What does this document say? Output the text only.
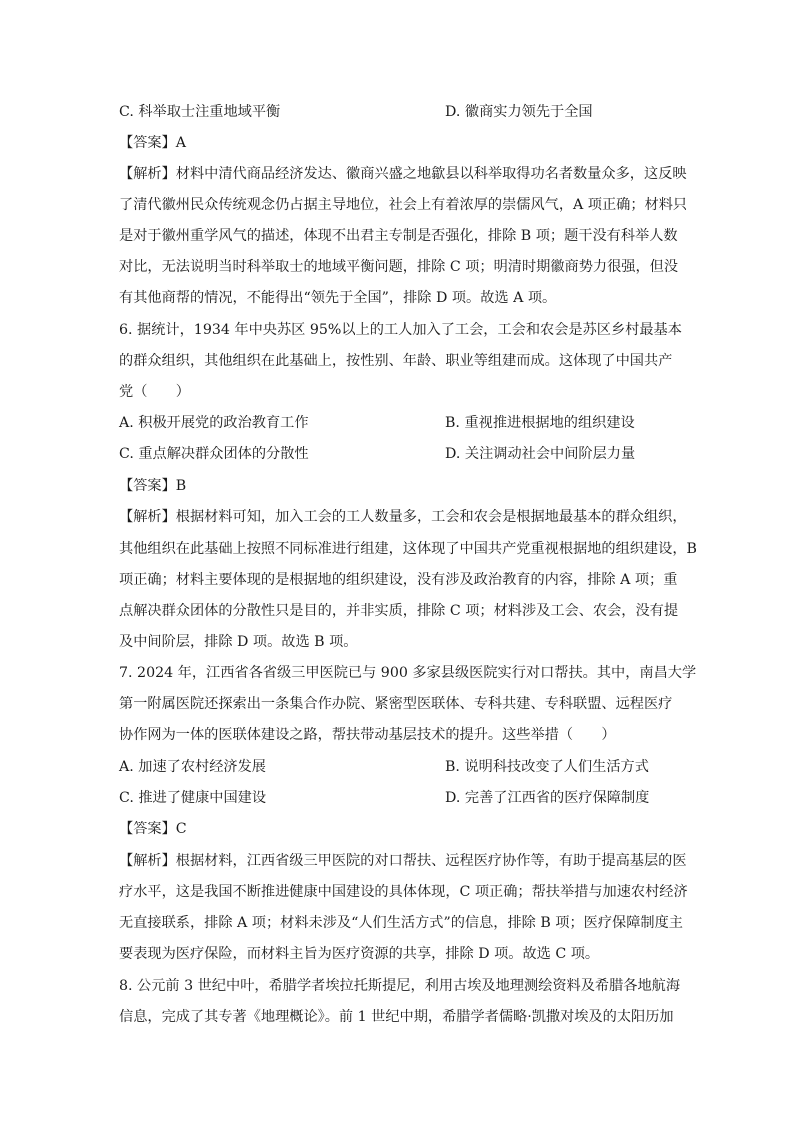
C. 科举取士注重地域平衡	D. 徽商实力领先于全国
【答案】A
【解析】材料中清代商品经济发达、徽商兴盛之地歙县以科举取得功名者数量众多，这反映
了清代徽州民众传统观念仍占据主导地位，社会上有着浓厚的崇儒风气，A 项正确；材料只
是对于徽州重学风气的描述，体现不出君主专制是否强化，排除 B 项；题干没有科举人数
对比，无法说明当时科举取士的地域平衡问题，排除 C 项；明清时期徽商势力很强，但没
有其他商帮的情况，不能得出“领先于全国”，排除 D 项。故选 A 项。
6. 据统计，1934 年中央苏区 95%以上的工人加入了工会，工会和农会是苏区乡村最基本
的群众组织，其他组织在此基础上，按性别、年龄、职业等组建而成。这体现了中国共产
党（　　）
A. 积极开展党的政治教育工作	B. 重视推进根据地的组织建设
C. 重点解决群众团体的分散性	D. 关注调动社会中间阶层力量
【答案】B
【解析】根据材料可知，加入工会的工人数量多，工会和农会是根据地最基本的群众组织，
其他组织在此基础上按照不同标准进行组建，这体现了中国共产党重视根据地的组织建设，B
项正确；材料主要体现的是根据地的组织建设，没有涉及政治教育的内容，排除 A 项；重
点解决群众团体的分散性只是目的，并非实质，排除 C 项；材料涉及工会、农会，没有提
及中间阶层，排除 D 项。故选 B 项。
7. 2024 年，江西省各省级三甲医院已与 900 多家县级医院实行对口帮扶。其中，南昌大学
第一附属医院还探索出一条集合作办院、紧密型医联体、专科共建、专科联盟、远程医疗
协作网为一体的医联体建设之路，帮扶带动基层技术的提升。这些举措（　　）
A. 加速了农村经济发展	B. 说明科技改变了人们生活方式
C. 推进了健康中国建设	D. 完善了江西省的医疗保障制度
【答案】C
【解析】根据材料，江西省级三甲医院的对口帮扶、远程医疗协作等，有助于提高基层的医
疗水平，这是我国不断推进健康中国建设的具体体现，C 项正确；帮扶举措与加速农村经济
无直接联系，排除 A 项；材料未涉及“人们生活方式”的信息，排除 B 项；医疗保障制度主
要表现为医疗保险，而材料主旨为医疗资源的共享，排除 D 项。故选 C 项。
8. 公元前 3 世纪中叶，希腊学者埃拉托斯提尼，利用古埃及地理测绘资料及希腊各地航海
信息，完成了其专著《地理概论》。前 1 世纪中期，希腊学者儒略·凯撒对埃及的太阳历加
